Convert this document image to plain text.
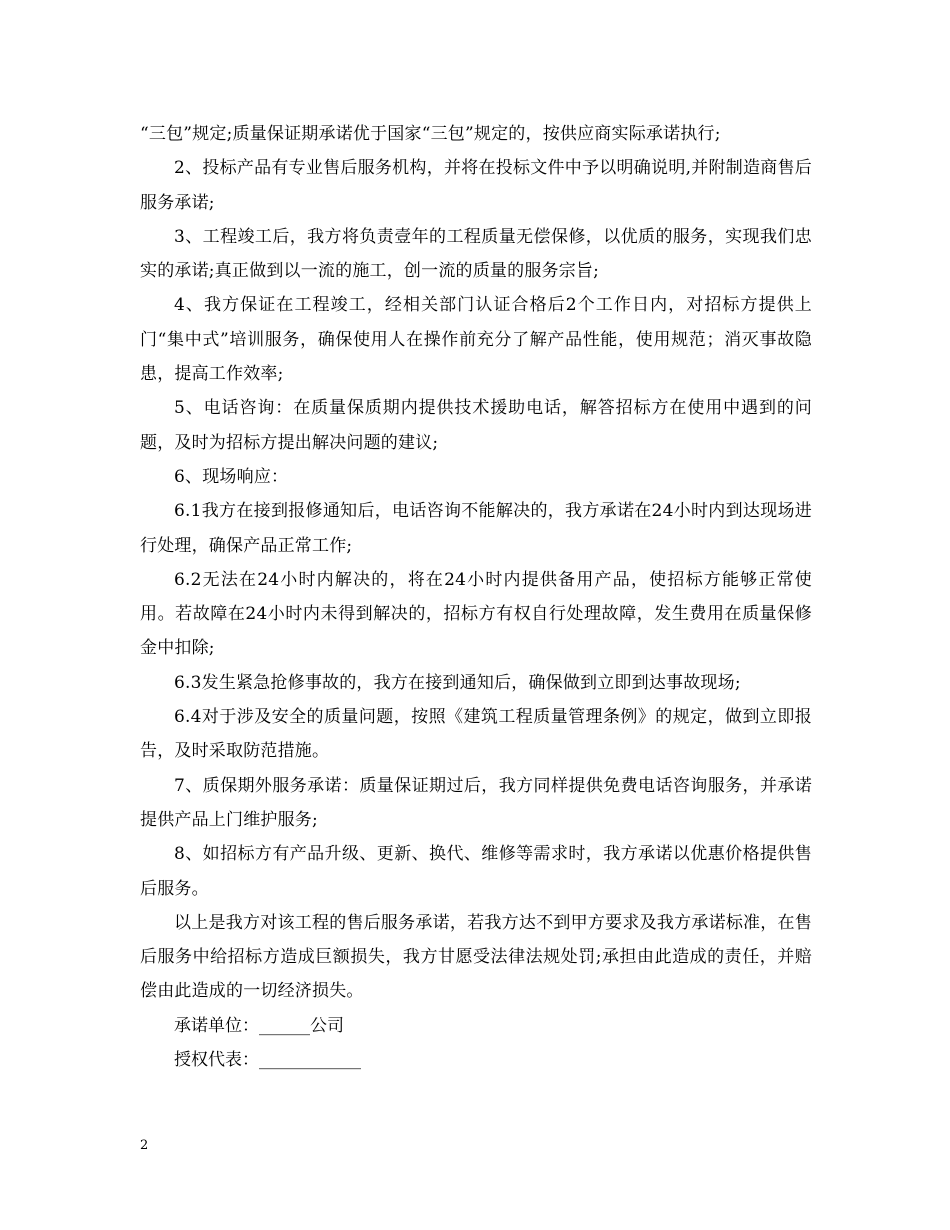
“三包”规定;质量保证期承诺优于国家“三包”规定的，按供应商实际承诺执行;

2、投标产品有专业售后服务机构，并将在投标文件中予以明确说明,并附制造商售后服务承诺;

3、工程竣工后，我方将负责壹年的工程质量无偿保修，以优质的服务，实现我们忠实的承诺;真正做到以一流的施工，创一流的质量的服务宗旨;

4、我方保证在工程竣工，经相关部门认证合格后2个工作日内，对招标方提供上门“集中式”培训服务，确保使用人在操作前充分了解产品性能，使用规范；消灭事故隐患，提高工作效率;

5、电话咨询：在质量保质期内提供技术援助电话，解答招标方在使用中遇到的问题，及时为招标方提出解决问题的建议;

6、现场响应：

6.1我方在接到报修通知后，电话咨询不能解决的，我方承诺在24小时内到达现场进行处理，确保产品正常工作;

6.2无法在24小时内解决的，将在24小时内提供备用产品，使招标方能够正常使用。若故障在24小时内未得到解决的，招标方有权自行处理故障，发生费用在质量保修金中扣除;

6.3发生紧急抢修事故的，我方在接到通知后，确保做到立即到达事故现场;

6.4对于涉及安全的质量问题，按照《建筑工程质量管理条例》的规定，做到立即报告，及时采取防范措施。

7、质保期外服务承诺：质量保证期过后，我方同样提供免费电话咨询服务，并承诺提供产品上门维护服务;

8、如招标方有产品升级、更新、换代、维修等需求时，我方承诺以优惠价格提供售后服务。

以上是我方对该工程的售后服务承诺，若我方达不到甲方要求及我方承诺标准，在售后服务中给招标方造成巨额损失，我方甘愿受法律法规处罚;承担由此造成的责任，并赔偿由此造成的一切经济损失。

承诺单位：______公司

授权代表：____________

2
